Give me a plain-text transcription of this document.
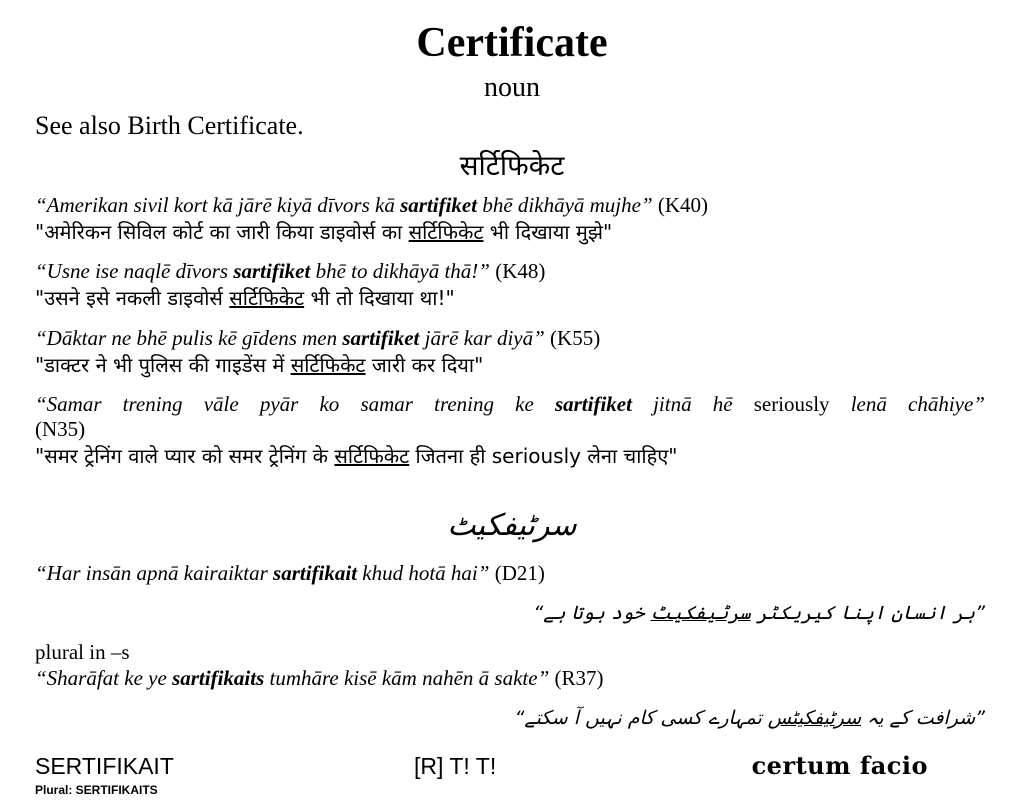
Certificate
noun
See also Birth Certificate.
सर्टिफिकेट
“Amerikan sivil kort kā jārē kiyā dīvors kā sartifiket bhē dikhāyā mujhe” (K40)
"अमेरिकन सिविल कोर्ट का जारी किया डाइवोर्स का सर्टिफिकेट भी दिखाया मुझे"
“Usne ise naqlē dīvors sartifiket bhē to dikhāyā thā!” (K48)
"उसने इसे नकली डाइवोर्स सर्टिफिकेट भी तो दिखाया था!"
“Dāktar ne bhē pulis kē gīdens men sartifiket jārē kar diyā” (K55)
"डाक्टर ने भी पुलिस की गाइडेंस में सर्टिफिकेट जारी कर दिया"
“Samar trening vāle pyār ko samar trening ke sartifiket jitnā hē seriously lenā chāhiye”
(N35)
"समर ट्रेनिंग वाले प्यार को समर ट्रेनिंग के सर्टिफिकेट जितना ही seriously लेना चाहिए"
سرٹیفکیٹ
“Har insān apnā kairaiktar sartifikait khud hotā hai” (D21)
”ہر انسان اپنا کیریکٹر سرٹیفکیٹ خود ہوتا ہے“
plural in –s
“Sharāfat ke ye sartifikaits tumhāre kisē kām nahēn ā sakte” (R37)
”شرافت کے یہ سرٹیفکیٹس تمہارے کسی کام نہیں آ سکتے“
SERTIFIKAIT
Plural: SERTIFIKAITS
[R] T! T!	certum facio
